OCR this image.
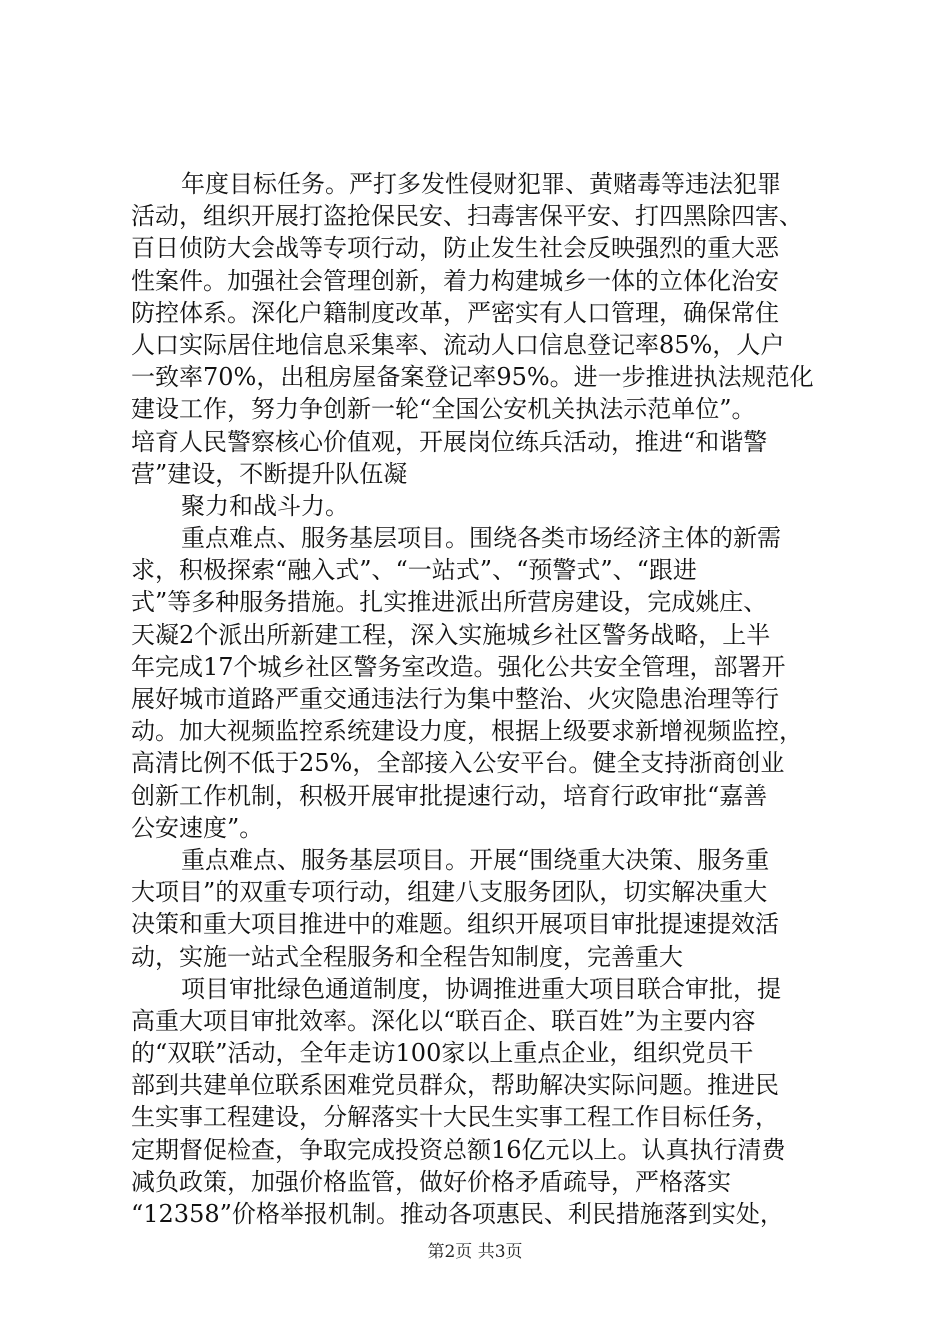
年度目标任务。严打多发性侵财犯罪、黄赌毒等违法犯罪
活动，组织开展打盗抢保民安、扫毒害保平安、打四黑除四害、
百日侦防大会战等专项行动，防止发生社会反映强烈的重大恶
性案件。加强社会管理创新，着力构建城乡一体的立体化治安
防控体系。深化户籍制度改革，严密实有人口管理，确保常住
人口实际居住地信息采集率、流动人口信息登记率85%，人户
一致率70%，出租房屋备案登记率95%。进一步推进执法规范化
建设工作，努力争创新一轮“全国公安机关执法示范单位”。
培育人民警察核心价值观，开展岗位练兵活动，推进“和谐警
营”建设，不断提升队伍凝
聚力和战斗力。
重点难点、服务基层项目。围绕各类市场经济主体的新需
求，积极探索“融入式”、“一站式”、“预警式”、“跟进
式”等多种服务措施。扎实推进派出所营房建设，完成姚庄、
天凝2个派出所新建工程，深入实施城乡社区警务战略，上半
年完成17个城乡社区警务室改造。强化公共安全管理，部署开
展好城市道路严重交通违法行为集中整治、火灾隐患治理等行
动。加大视频监控系统建设力度，根据上级要求新增视频监控，
高清比例不低于25%，全部接入公安平台。健全支持浙商创业
创新工作机制，积极开展审批提速行动，培育行政审批“嘉善
公安速度”。
重点难点、服务基层项目。开展“围绕重大决策、服务重
大项目”的双重专项行动，组建八支服务团队，切实解决重大
决策和重大项目推进中的难题。组织开展项目审批提速提效活
动，实施一站式全程服务和全程告知制度，完善重大
项目审批绿色通道制度，协调推进重大项目联合审批，提
高重大项目审批效率。深化以“联百企、联百姓”为主要内容
的“双联”活动，全年走访100家以上重点企业，组织党员干
部到共建单位联系困难党员群众，帮助解决实际问题。推进民
生实事工程建设，分解落实十大民生实事工程工作目标任务，
定期督促检查，争取完成投资总额16亿元以上。认真执行清费
减负政策，加强价格监管，做好价格矛盾疏导，严格落实
“12358”价格举报机制。推动各项惠民、利民措施落到实处，
第2页 共3页
